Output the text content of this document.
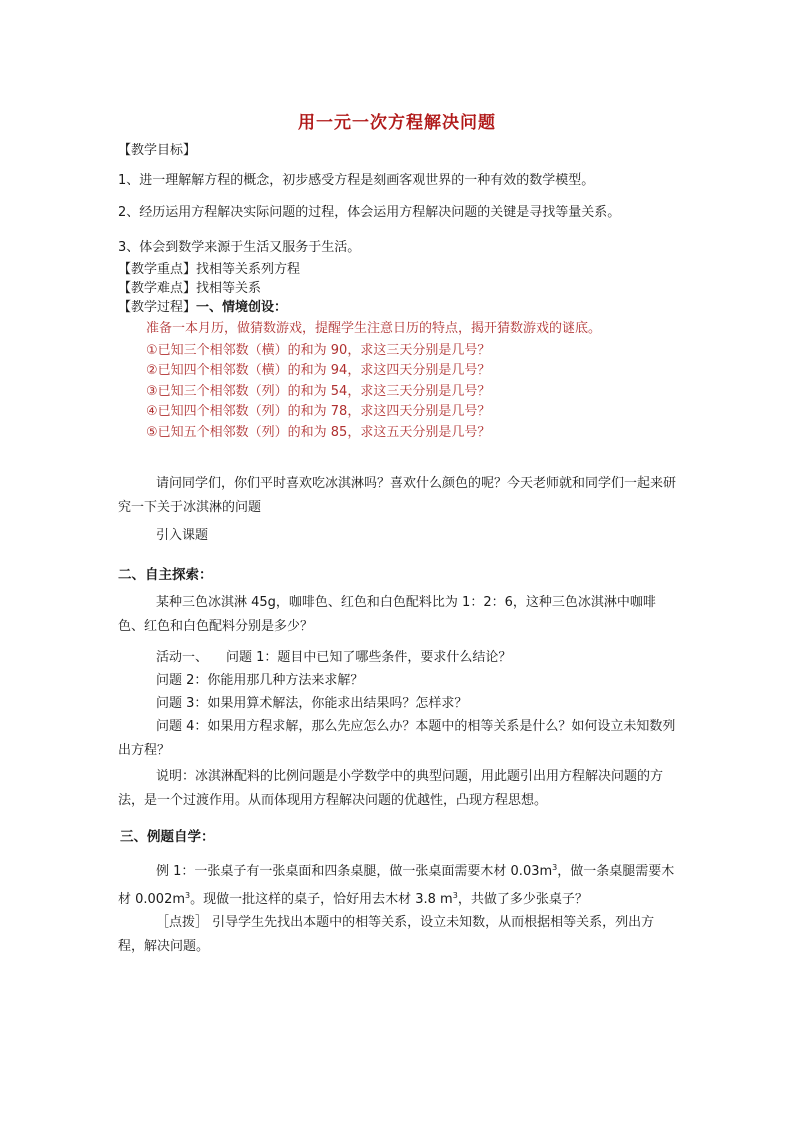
用一元一次方程解决问题
【教学目标】
1、进一理解解方程的概念，初步感受方程是刻画客观世界的一种有效的数学模型。
2、经历运用方程解决实际问题的过程，体会运用方程解决问题的关键是寻找等量关系。
3、体会到数学来源于生活又服务于生活。
【教学重点】找相等关系列方程
【教学难点】找相等关系
【教学过程】一、情境创设：
准备一本月历，做猜数游戏，提醒学生注意日历的特点，揭开猜数游戏的谜底。
①已知三个相邻数（横）的和为 90，求这三天分别是几号？
②已知四个相邻数（横）的和为 94，求这四天分别是几号？
③已知三个相邻数（列）的和为 54，求这三天分别是几号？
④已知四个相邻数（列）的和为 78，求这四天分别是几号？
⑤已知五个相邻数（列）的和为 85，求这五天分别是几号？
请问同学们，你们平时喜欢吃冰淇淋吗？喜欢什么颜色的呢？今天老师就和同学们一起来研究一下关于冰淇淋的问题
引入课题
二、自主探索：
某种三色冰淇淋 45g，咖啡色、红色和白色配料比为 1：2：6，这种三色冰淇淋中咖啡色、红色和白色配料分别是多少？
活动一、 问题 1：题目中已知了哪些条件，要求什么结论？
问题 2：你能用那几种方法来求解？
问题 3：如果用算术解法，你能求出结果吗？怎样求？
问题 4：如果用方程求解，那么先应怎么办？本题中的相等关系是什么？如何设立未知数列出方程？
说明：冰淇淋配料的比例问题是小学数学中的典型问题，用此题引出用方程解决问题的方法，是一个过渡作用。从而体现用方程解决问题的优越性，凸现方程思想。
三、例题自学：
例 1：一张桌子有一张桌面和四条桌腿，做一张桌面需要木材 $0.03m^3$，做一条桌腿需要木材 $0.002m^3$。现做一批这样的桌子，恰好用去木材 3.8 $m^3$，共做了多少张桌子？
［点拨］ 引导学生先找出本题中的相等关系，设立未知数，从而根据相等关系，列出方程，解决问题。
